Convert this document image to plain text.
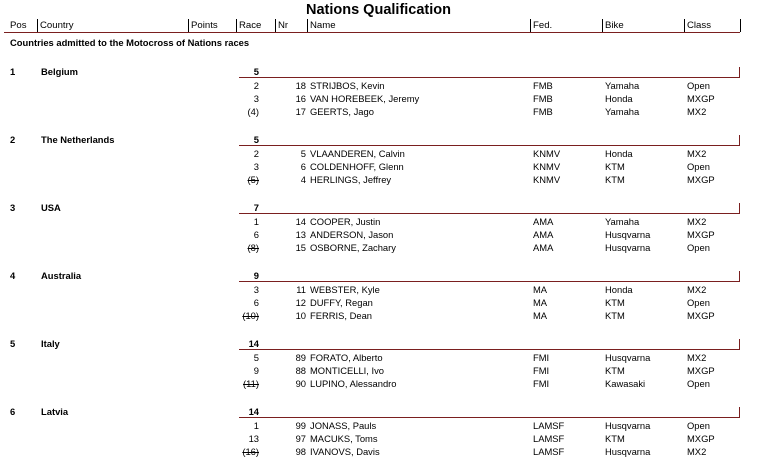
Nations Qualification
Pos Country	Points Race Nr Name	Fed.	Bike	Class
Countries admitted to the Motocross of Nations races
1	Belgium	5
2	18 STRIJBOS, Kevin	FMB	Yamaha	Open
3	16 VAN HOREBEEK, Jeremy	FMB	Honda	MXGP
(4)	17 GEERTS, Jago	FMB	Yamaha	MX2
2	The Netherlands	5
2	5 VLAANDEREN, Calvin	KNMV	Honda	MX2
3	6 COLDENHOFF, Glenn	KNMV	KTM	Open
(5)	4 HERLINGS, Jeffrey	KNMV	KTM	MXGP
3	USA	7
1	14 COOPER, Justin	AMA	Yamaha	MX2
6	13 ANDERSON, Jason	AMA	Husqvarna	MXGP
(8)	15 OSBORNE, Zachary	AMA	Husqvarna	Open
4	Australia	9
3	11 WEBSTER, Kyle	MA	Honda	MX2
6	12 DUFFY, Regan	MA	KTM	Open
(10)	10 FERRIS, Dean	MA	KTM	MXGP
5	Italy	14
5	89 FORATO, Alberto	FMI	Husqvarna	MX2
9	88 MONTICELLI, Ivo	FMI	KTM	MXGP
(11)	90 LUPINO, Alessandro	FMI	Kawasaki	Open
6	Latvia	14
1	99 JONASS, Pauls	LAMSF	Husqvarna	Open
13	97 MACUKS, Toms	LAMSF	KTM	MXGP
(16)	98 IVANOVS, Davis	LAMSF	Husqvarna	MX2
